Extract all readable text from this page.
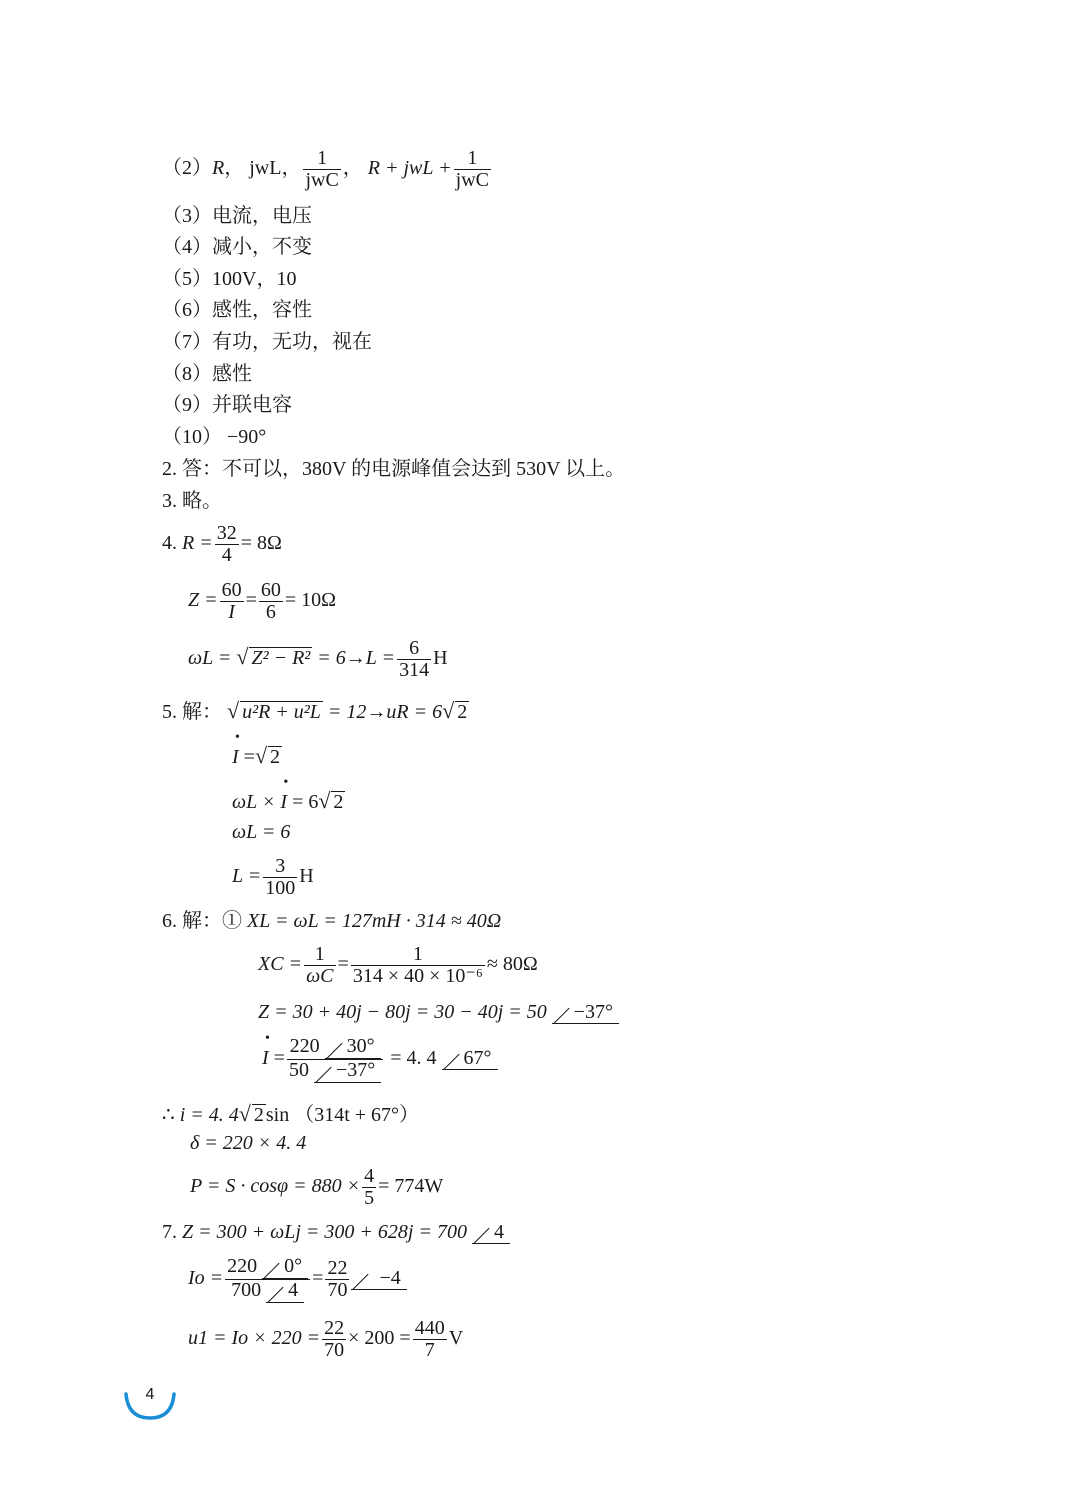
（2）R， jwL， 1
jwC
， R + jwL + 1
jwC
（3）电流，电压
（4）减小，不变
（5）100V，10
（6）感性，容性
（7）有功，无功，视在
（8）感性
（9）并联电容
（10） −90°
2. 答：不可以，380V 的电源峰值会达到 530V 以上。
3. 略。
4. $R = \frac{32}{4} = 8\Omega$
$Z = \frac{60}{I} = \frac{60}{6} = 10\Omega$
ωL = √ $Z^2 - R^2 = 6\to L = \frac{6}{314}$ H
5. 解： √ u²R + u²L = 12→uR = 6√ 2
I • =√ 2
ωL × I • = 6√ 2
ωL = 6
$L = \frac{3}{100}$ H
6. 解：① XL = ωL = 127mH · 314 ≈ 40Ω
XC = $\frac{1}{\omega C} = \frac{1}{\text{314 × 40 × 10⁻⁶}} \approx 80\Omega$
Z = 30 + 40j − 80j = 30 − 40j = 50 −37°
I • = $\frac{220 30^\circ}{50 -37^\circ} = 4$. 4 67°
∴ i = 4. 4√ 2 sin （314t + 67°）
δ = 220 × 4. 4
$P = S \cdot \cos\varphi = 880 \times \frac{4}{5} = 774W$
7. Z = 300 + ωLj = 300 + 628j = 700 4
$Io = \frac{220 0^\circ}{700 4} = \frac{22}{70} -4$
$u1 = Io \times 220 = \frac{22}{70} \times 200 = \frac{440}{7}$ V
4
